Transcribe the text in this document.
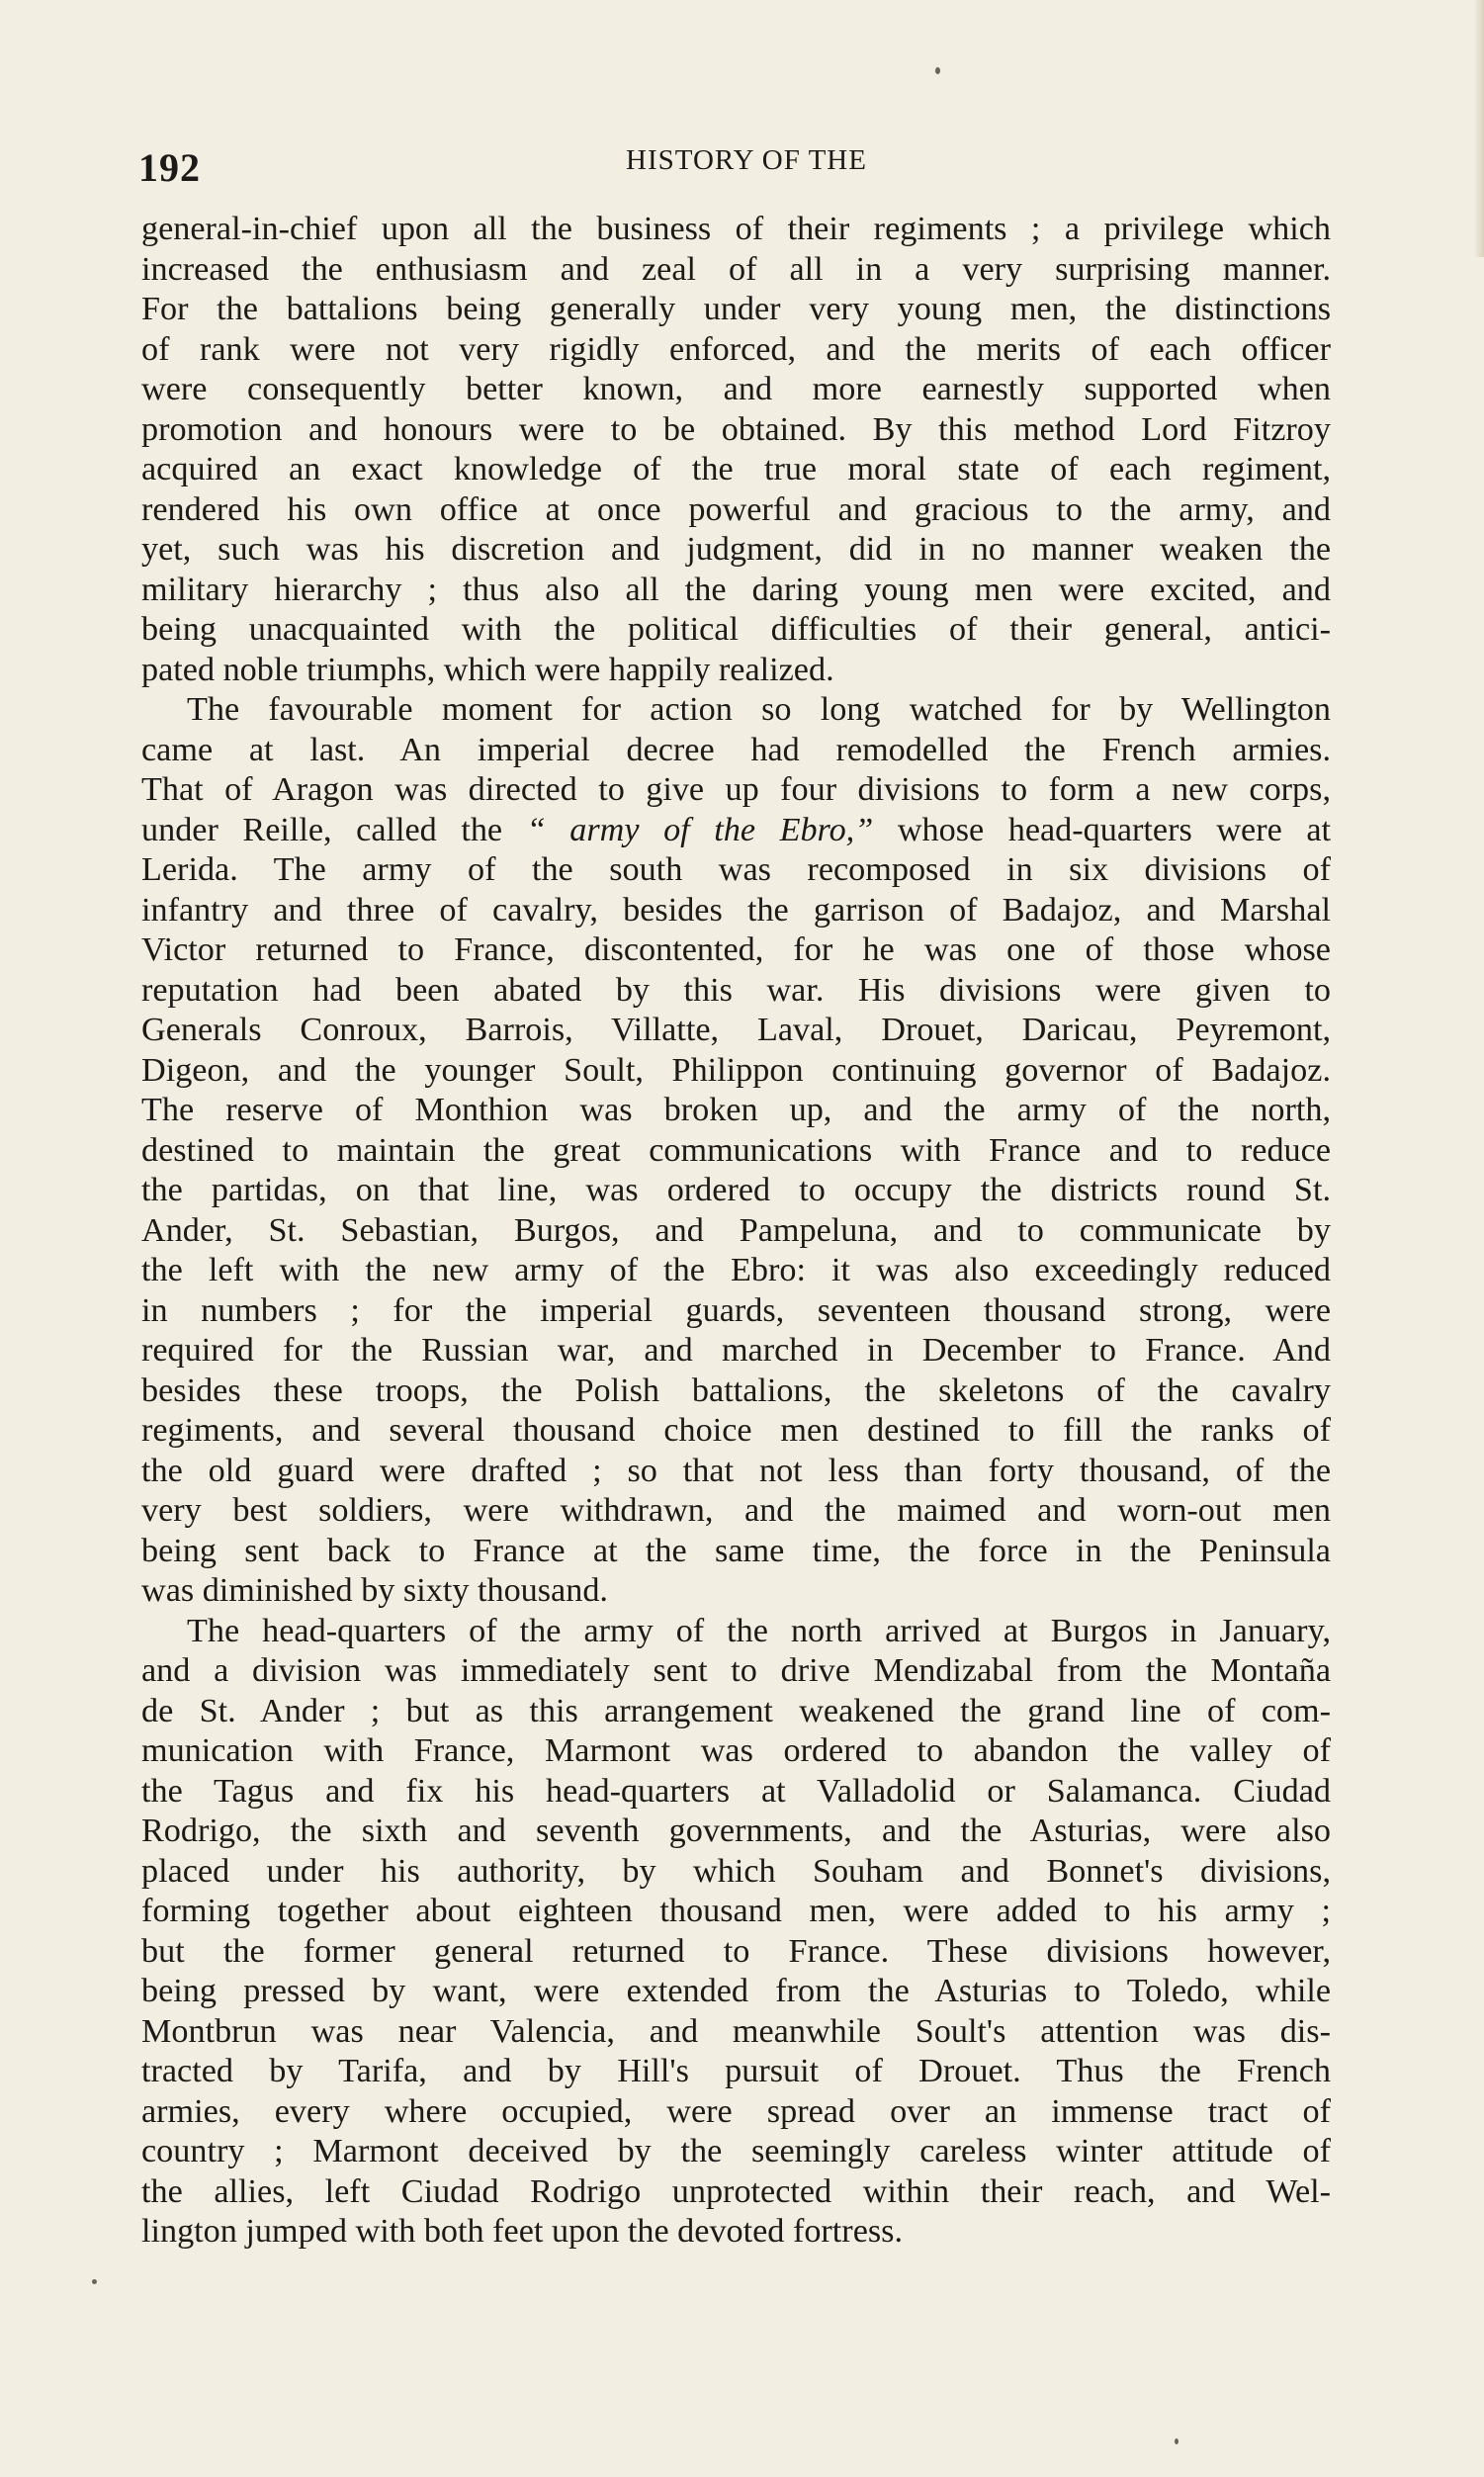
192	HISTORY OF THE
general-in-chief upon all the business of their regiments ; a privilege which
increased the enthusiasm and zeal of all in a very surprising manner.
For the battalions being generally under very young men, the distinctions
of rank were not very rigidly enforced, and the merits of each officer
were consequently better known, and more earnestly supported when
promotion and honours were to be obtained. By this method Lord Fitzroy
acquired an exact knowledge of the true moral state of each regiment,
rendered his own office at once powerful and gracious to the army, and
yet, such was his discretion and judgment, did in no manner weaken the
military hierarchy ; thus also all the daring young men were excited, and
being unacquainted with the political difficulties of their general, antici-
pated noble triumphs, which were happily realized.
The favourable moment for action so long watched for by Wellington
came at last. An imperial decree had remodelled the French armies.
That of Aragon was directed to give up four divisions to form a new corps,
under Reille, called the “ army of the Ebro,” whose head-quarters were at
Lerida. The army of the south was recomposed in six divisions of
infantry and three of cavalry, besides the garrison of Badajoz, and Marshal
Victor returned to France, discontented, for he was one of those whose
reputation had been abated by this war. His divisions were given to
Generals Conroux, Barrois, Villatte, Laval, Drouet, Daricau, Peyremont,
Digeon, and the younger Soult, Philippon continuing governor of Badajoz.
The reserve of Monthion was broken up, and the army of the north,
destined to maintain the great communications with France and to reduce
the partidas, on that line, was ordered to occupy the districts round St.
Ander, St. Sebastian, Burgos, and Pampeluna, and to communicate by
the left with the new army of the Ebro: it was also exceedingly reduced
in numbers ; for the imperial guards, seventeen thousand strong, were
required for the Russian war, and marched in December to France. And
besides these troops, the Polish battalions, the skeletons of the cavalry
regiments, and several thousand choice men destined to fill the ranks of
the old guard were drafted ; so that not less than forty thousand, of the
very best soldiers, were withdrawn, and the maimed and worn-out men
being sent back to France at the same time, the force in the Peninsula
was diminished by sixty thousand.
The head-quarters of the army of the north arrived at Burgos in January,
and a division was immediately sent to drive Mendizabal from the Montaña
de St. Ander ; but as this arrangement weakened the grand line of com-
munication with France, Marmont was ordered to abandon the valley of
the Tagus and fix his head-quarters at Valladolid or Salamanca. Ciudad
Rodrigo, the sixth and seventh governments, and the Asturias, were also
placed under his authority, by which Souham and Bonnet's divisions,
forming together about eighteen thousand men, were added to his army ;
but the former general returned to France. These divisions however,
being pressed by want, were extended from the Asturias to Toledo, while
Montbrun was near Valencia, and meanwhile Soult's attention was dis-
tracted by Tarifa, and by Hill's pursuit of Drouet. Thus the French
armies, every where occupied, were spread over an immense tract of
country ; Marmont deceived by the seemingly careless winter attitude of
the allies, left Ciudad Rodrigo unprotected within their reach, and Wel-
lington jumped with both feet upon the devoted fortress.
